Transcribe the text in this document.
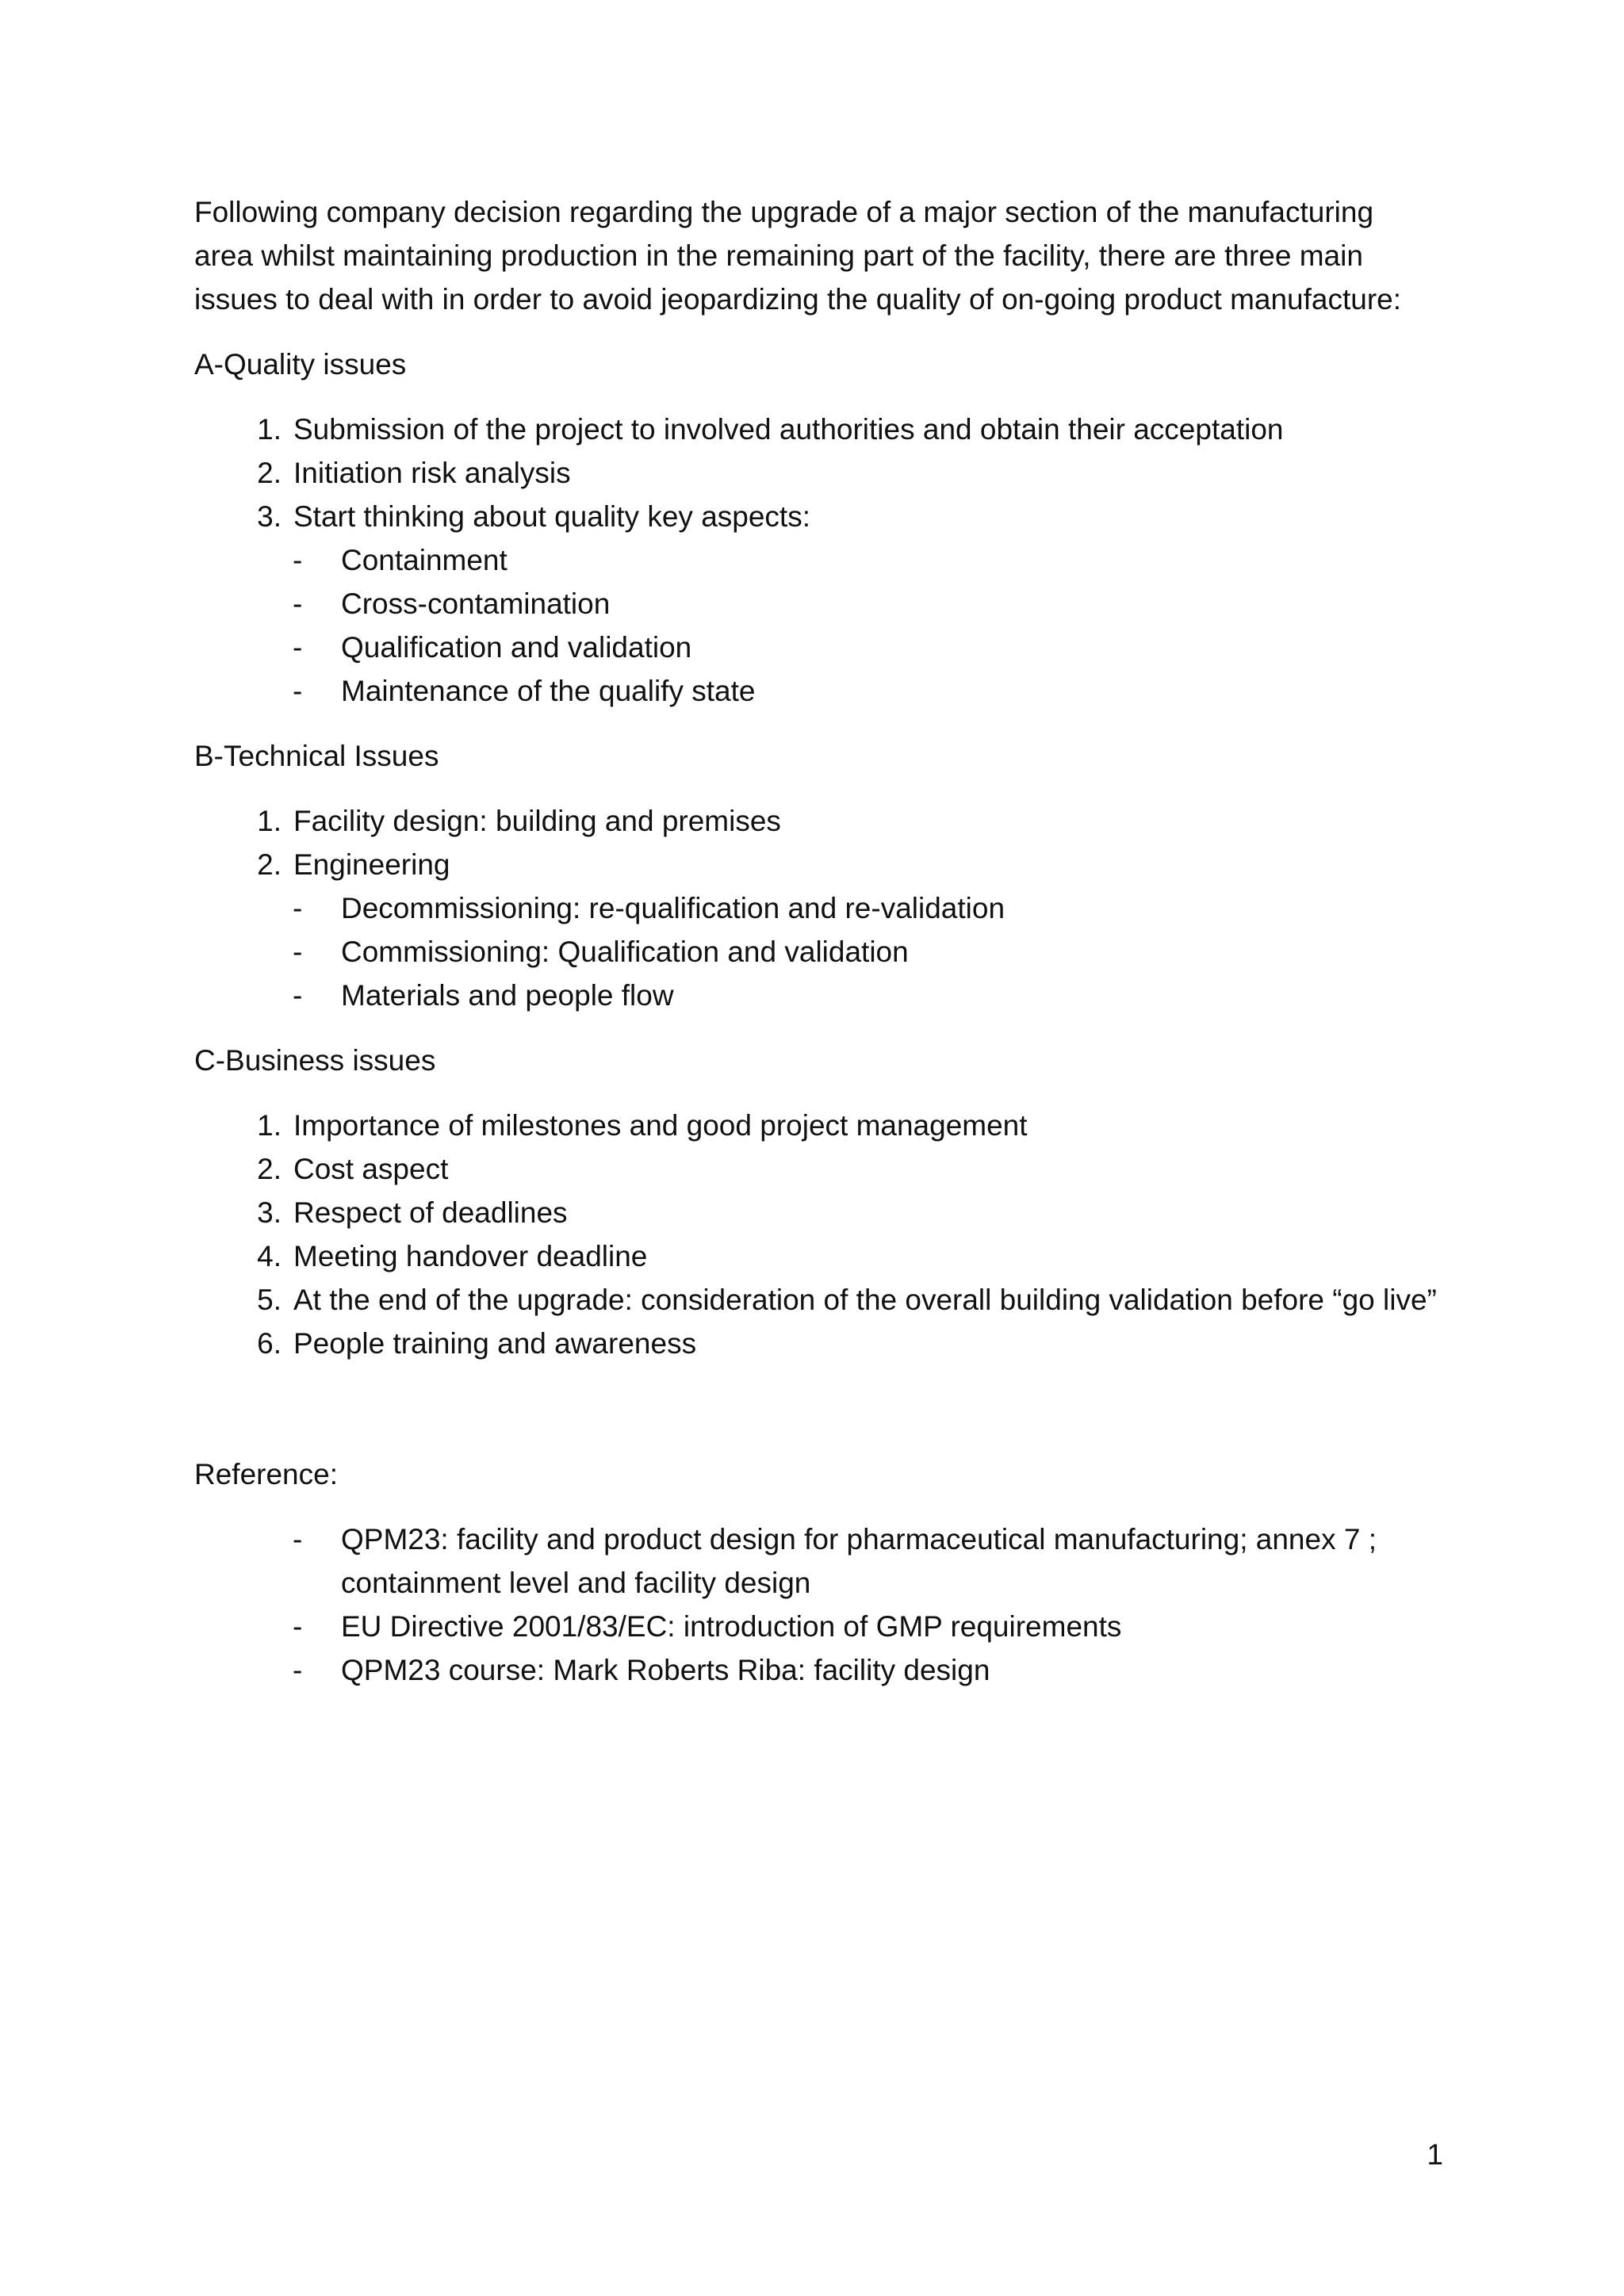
Following company decision regarding the upgrade of a major section of the manufacturing area whilst maintaining production in the remaining part of the facility, there are three main issues to deal with in order to avoid jeopardizing the quality of on-going product manufacture:

A-Quality issues

1. Submission of the project to involved authorities and obtain their acceptation
2. Initiation risk analysis
3. Start thinking about quality key aspects:
- Containment
- Cross-contamination
- Qualification and validation
- Maintenance of the qualify state

B-Technical Issues

1. Facility design: building and premises
2. Engineering
- Decommissioning: re-qualification and re-validation
- Commissioning: Qualification and validation
- Materials and people flow

C-Business issues

1. Importance of milestones and good project management
2. Cost aspect
3. Respect of deadlines
4. Meeting handover deadline
5. At the end of the upgrade: consideration of the overall building validation before “go live”
6. People training and awareness

Reference:

- QPM23: facility and product design for pharmaceutical manufacturing; annex 7 ; containment level and facility design
- EU Directive 2001/83/EC: introduction of GMP requirements
- QPM23 course: Mark Roberts Riba: facility design
1
